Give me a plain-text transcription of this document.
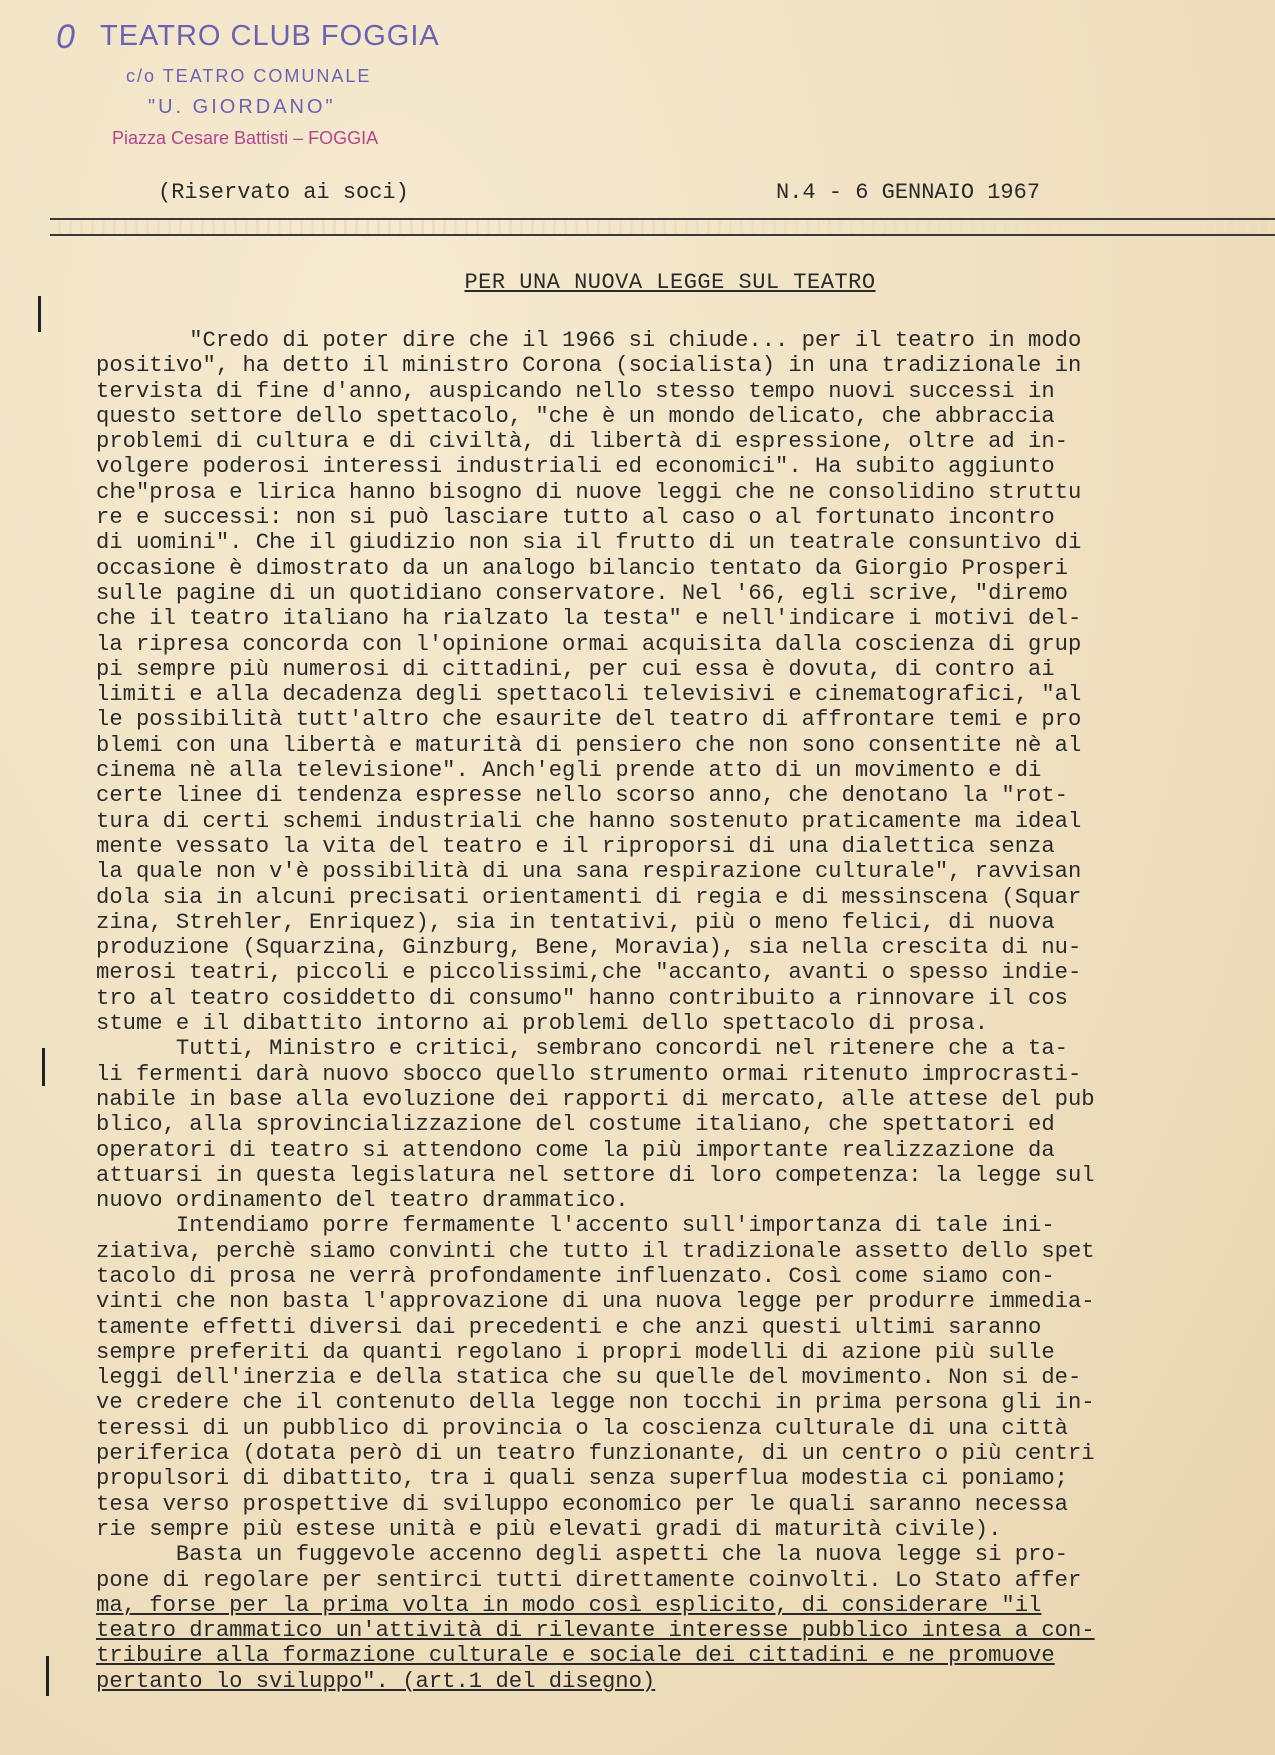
0 TEATRO CLUB FOGGIA
c/o TEATRO COMUNALE
"U. GIORDANO"
Piazza Cesare Battisti – FOGGIA
(Riservato ai soci)	N.4 - 6 GENNAIO 1967
PER UNA NUOVA LEGGE SUL TEATRO
"Credo di poter dire che il 1966 si chiude... per il teatro in modo
positivo", ha detto il ministro Corona (socialista) in una tradizionale in
tervista di fine d'anno, auspicando nello stesso tempo nuovi successi in
questo settore dello spettacolo, "che è un mondo delicato, che abbraccia
problemi di cultura e di civiltà, di libertà di espressione, oltre ad in-
volgere poderosi interessi industriali ed economici". Ha subito aggiunto
che"prosa e lirica hanno bisogno di nuove leggi che ne consolidino struttu
re e successi: non si può lasciare tutto al caso o al fortunato incontro
di uomini". Che il giudizio non sia il frutto di un teatrale consuntivo di
occasione è dimostrato da un analogo bilancio tentato da Giorgio Prosperi
sulle pagine di un quotidiano conservatore. Nel '66, egli scrive, "diremo
che il teatro italiano ha rialzato la testa" e nell'indicare i motivi del-
la ripresa concorda con l'opinione ormai acquisita dalla coscienza di grup
pi sempre più numerosi di cittadini, per cui essa è dovuta, di contro ai
limiti e alla decadenza degli spettacoli televisivi e cinematografici, "al
le possibilità tutt'altro che esaurite del teatro di affrontare temi e pro
blemi con una libertà e maturità di pensiero che non sono consentite nè al
cinema nè alla televisione". Anch'egli prende atto di un movimento e di
certe linee di tendenza espresse nello scorso anno, che denotano la "rot-
tura di certi schemi industriali che hanno sostenuto praticamente ma ideal
mente vessato la vita del teatro e il riproporsi di una dialettica senza
la quale non v'è possibilità di una sana respirazione culturale", ravvisan
dola sia in alcuni precisati orientamenti di regia e di messinscena (Squar
zina, Strehler, Enriquez), sia in tentativi, più o meno felici, di nuova
produzione (Squarzina, Ginzburg, Bene, Moravia), sia nella crescita di nu-
merosi teatri, piccoli e piccolissimi,che "accanto, avanti o spesso indie-
tro al teatro cosiddetto di consumo" hanno contribuito a rinnovare il cos
stume e il dibattito intorno ai problemi dello spettacolo di prosa.
Tutti, Ministro e critici, sembrano concordi nel ritenere che a ta-
li fermenti darà nuovo sbocco quello strumento ormai ritenuto improcrasti-
nabile in base alla evoluzione dei rapporti di mercato, alle attese del pub
blico, alla sprovincializzazione del costume italiano, che spettatori ed
operatori di teatro si attendono come la più importante realizzazione da
attuarsi in questa legislatura nel settore di loro competenza: la legge sul
nuovo ordinamento del teatro drammatico.
Intendiamo porre fermamente l'accento sull'importanza di tale ini-
ziativa, perchè siamo convinti che tutto il tradizionale assetto dello spet
tacolo di prosa ne verrà profondamente influenzato. Così come siamo con-
vinti che non basta l'approvazione di una nuova legge per produrre immedia-
tamente effetti diversi dai precedenti e che anzi questi ultimi saranno
sempre preferiti da quanti regolano i propri modelli di azione più sulle
leggi dell'inerzia e della statica che su quelle del movimento. Non si de-
ve credere che il contenuto della legge non tocchi in prima persona gli in-
teressi di un pubblico di provincia o la coscienza culturale di una città
periferica (dotata però di un teatro funzionante, di un centro o più centri
propulsori di dibattito, tra i quali senza superflua modestia ci poniamo;
tesa verso prospettive di sviluppo economico per le quali saranno necessa
rie sempre più estese unità e più elevati gradi di maturità civile).
Basta un fuggevole accenno degli aspetti che la nuova legge si pro-
pone di regolare per sentirci tutti direttamente coinvolti. Lo Stato affer
ma, forse per la prima volta in modo così esplicito, di considerare "il
teatro drammatico un'attività di rilevante interesse pubblico intesa a con-
tribuire alla formazione culturale e sociale dei cittadini e ne promuove
pertanto lo sviluppo". (art.1 del disegno)
